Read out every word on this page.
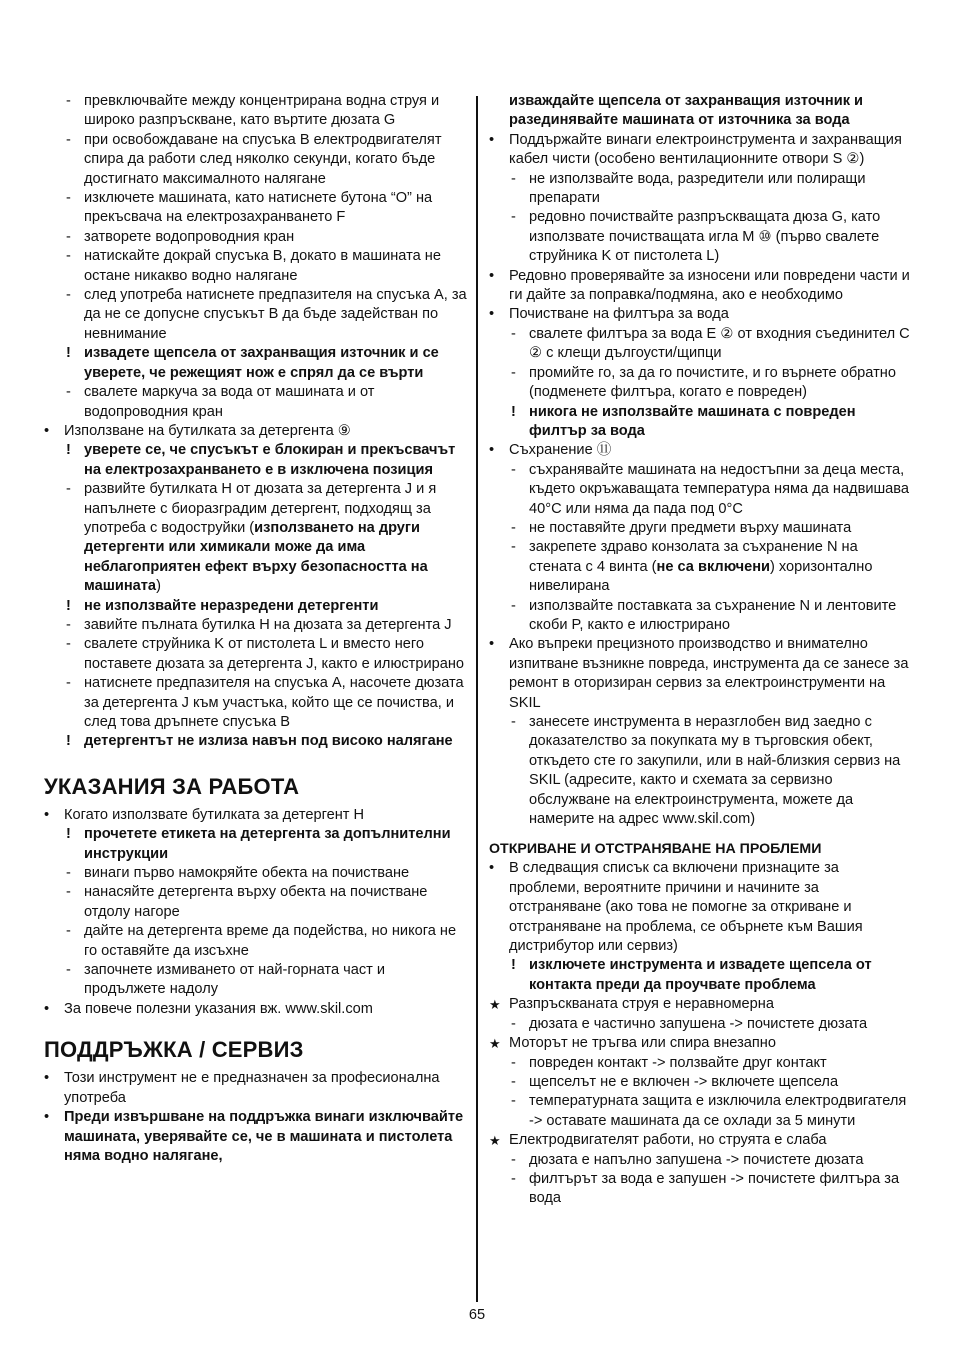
- превключвайте между концентрирана водна струя и широко разпръскване, като въртите дюзата G
- при освобождаване на спусъка B електродвигателят спира да работи след няколко секунди, когато бъде достигнато максималното налягане
- изключете машината, като натиснете бутона “O” на прекъсвача на електрозахранването F
- затворете водопроводния кран
- натискайте докрай спусъка B, докато в машината не остане никакво водно налягане
- след употреба натиснете предпазителя на спусъка A, за да не се допусне спусъкът B да бъде задействан по невнимание
! извадете щепсела от захранващия източник и се уверете, че режещият нож е спрял да се върти
- свалете маркуча за вода от машината и от водопроводния кран
• Използване на бутилката за детергента ⑨
! уверете се, че спусъкът е блокиран и прекъсвачът на електрозахранването е в изключена позиция
- развийте бутилката H от дюзата за детергента J и я напълнете с биоразградим детергент, подходящ за употреба с водоструйки (използването на други детергенти или химикали може да има неблагоприятен ефект върху безопасността на машината)
! не използвайте неразредени детергенти
- завийте пълната бутилка H на дюзата за детергента J
- свалете струйника K от пистолета L и вместо него поставете дюзата за детергента J, както е илюстрирано
- натиснете предпазителя на спусъка A, насочете дюзата за детергента J към участъка, който ще се почиства, и след това дръпнете спусъка B
! детергентът не излиза навън под високо налягане
УКАЗАНИЯ ЗА РАБОТА
• Когато използвате бутилката за детергент H
! прочетете етикета на детергента за допълнителни инструкции
- винаги първо намокряйте обекта на почистване
- нанасяйте детергента върху обекта на почистване отдолу нагоре
- дайте на детергента време да подейства, но никога не го оставяйте да изсъхне
- започнете измиването от най-горната част и продължете надолу
• За повече полезни указания вж. www.skil.com
ПОДДРЪЖКА / СЕРВИЗ
• Този инструмент не е предназначен за професионална употреба
• Преди извършване на поддръжка винаги изключвайте машината, уверявайте се, че в машината и пистолета няма водно налягане,
изваждайте щепсела от захранващия източник и разединявайте машината от източника за вода
• Поддържайте винаги електроинструмента и захранващия кабел чисти (особено вентилационните отвори S ②)
- не използвайте вода, разредители или полиращи препарати
- редовно почиствайте разпръскващата дюза G, като използвате почистващата игла M ⑩ (първо свалете струйника K от пистолета L)
• Редовно проверявайте за износени или повредени части и ги дайте за поправка/подмяна, ако е необходимо
• Почистване на филтъра за вода
- свалете филтъра за вода E ② от входния съединител C ② с клещи дългоусти/щипци
- промийте го, за да го почистите, и го върнете обратно (подменете филтъра, когато е повреден)
! никога не използвайте машината с повреден филтър за вода
• Съхранение ⑪
- съхранявайте машината на недостъпни за деца места, където окръжаващата температура няма да надвишава 40°C или няма да пада под 0°C
- не поставяйте други предмети върху машината
- закрепете здраво конзолата за съхранение N на стената с 4 винта (не са включени) хоризонтално нивелирана
- използвайте поставката за съхранение N и лентовите скоби P, както е илюстрирано
• Ако въпреки прецизното производство и внимателно изпитване възникне повреда, инструмента да се занесе за ремонт в оторизиран сервиз за електроинструменти на SKIL
- занесете инструмента в неразглобен вид заедно с доказателство за покупката му в търговския обект, откъдето сте го закупили, или в най-близкия сервиз на SKIL (адресите, както и схемата за сервизно обслужване на електроинструмента, можете да намерите на адрес www.skil.com)
ОТКРИВАНЕ И ОТСТРАНЯВАНЕ НА ПРОБЛЕМИ
• В следващия списък са включени признаците за проблеми, вероятните причини и начините за отстраняване (ако това не помогне за откриване и отстраняване на проблема, се обърнете към Вашия дистрибутор или сервиз)
! изключете инструмента и извадете щепсела от контакта преди да проучвате проблема
★ Разпръскваната струя е неравномерна
- дюзата е частично запушена -> почистете дюзата
★ Моторът не тръгва или спира внезапно
- повреден контакт -> ползвайте друг контакт
- щепселът не е включен -> включете щепсела
- температурната защита е изключила електродвигателя -> оставате машината да се охлади за 5 минути
★ Електродвигателят работи, но струята е слаба
- дюзата е напълно запушена -> почистете дюзата
- филтърът за вода е запушен -> почистете филтъра за вода
65
